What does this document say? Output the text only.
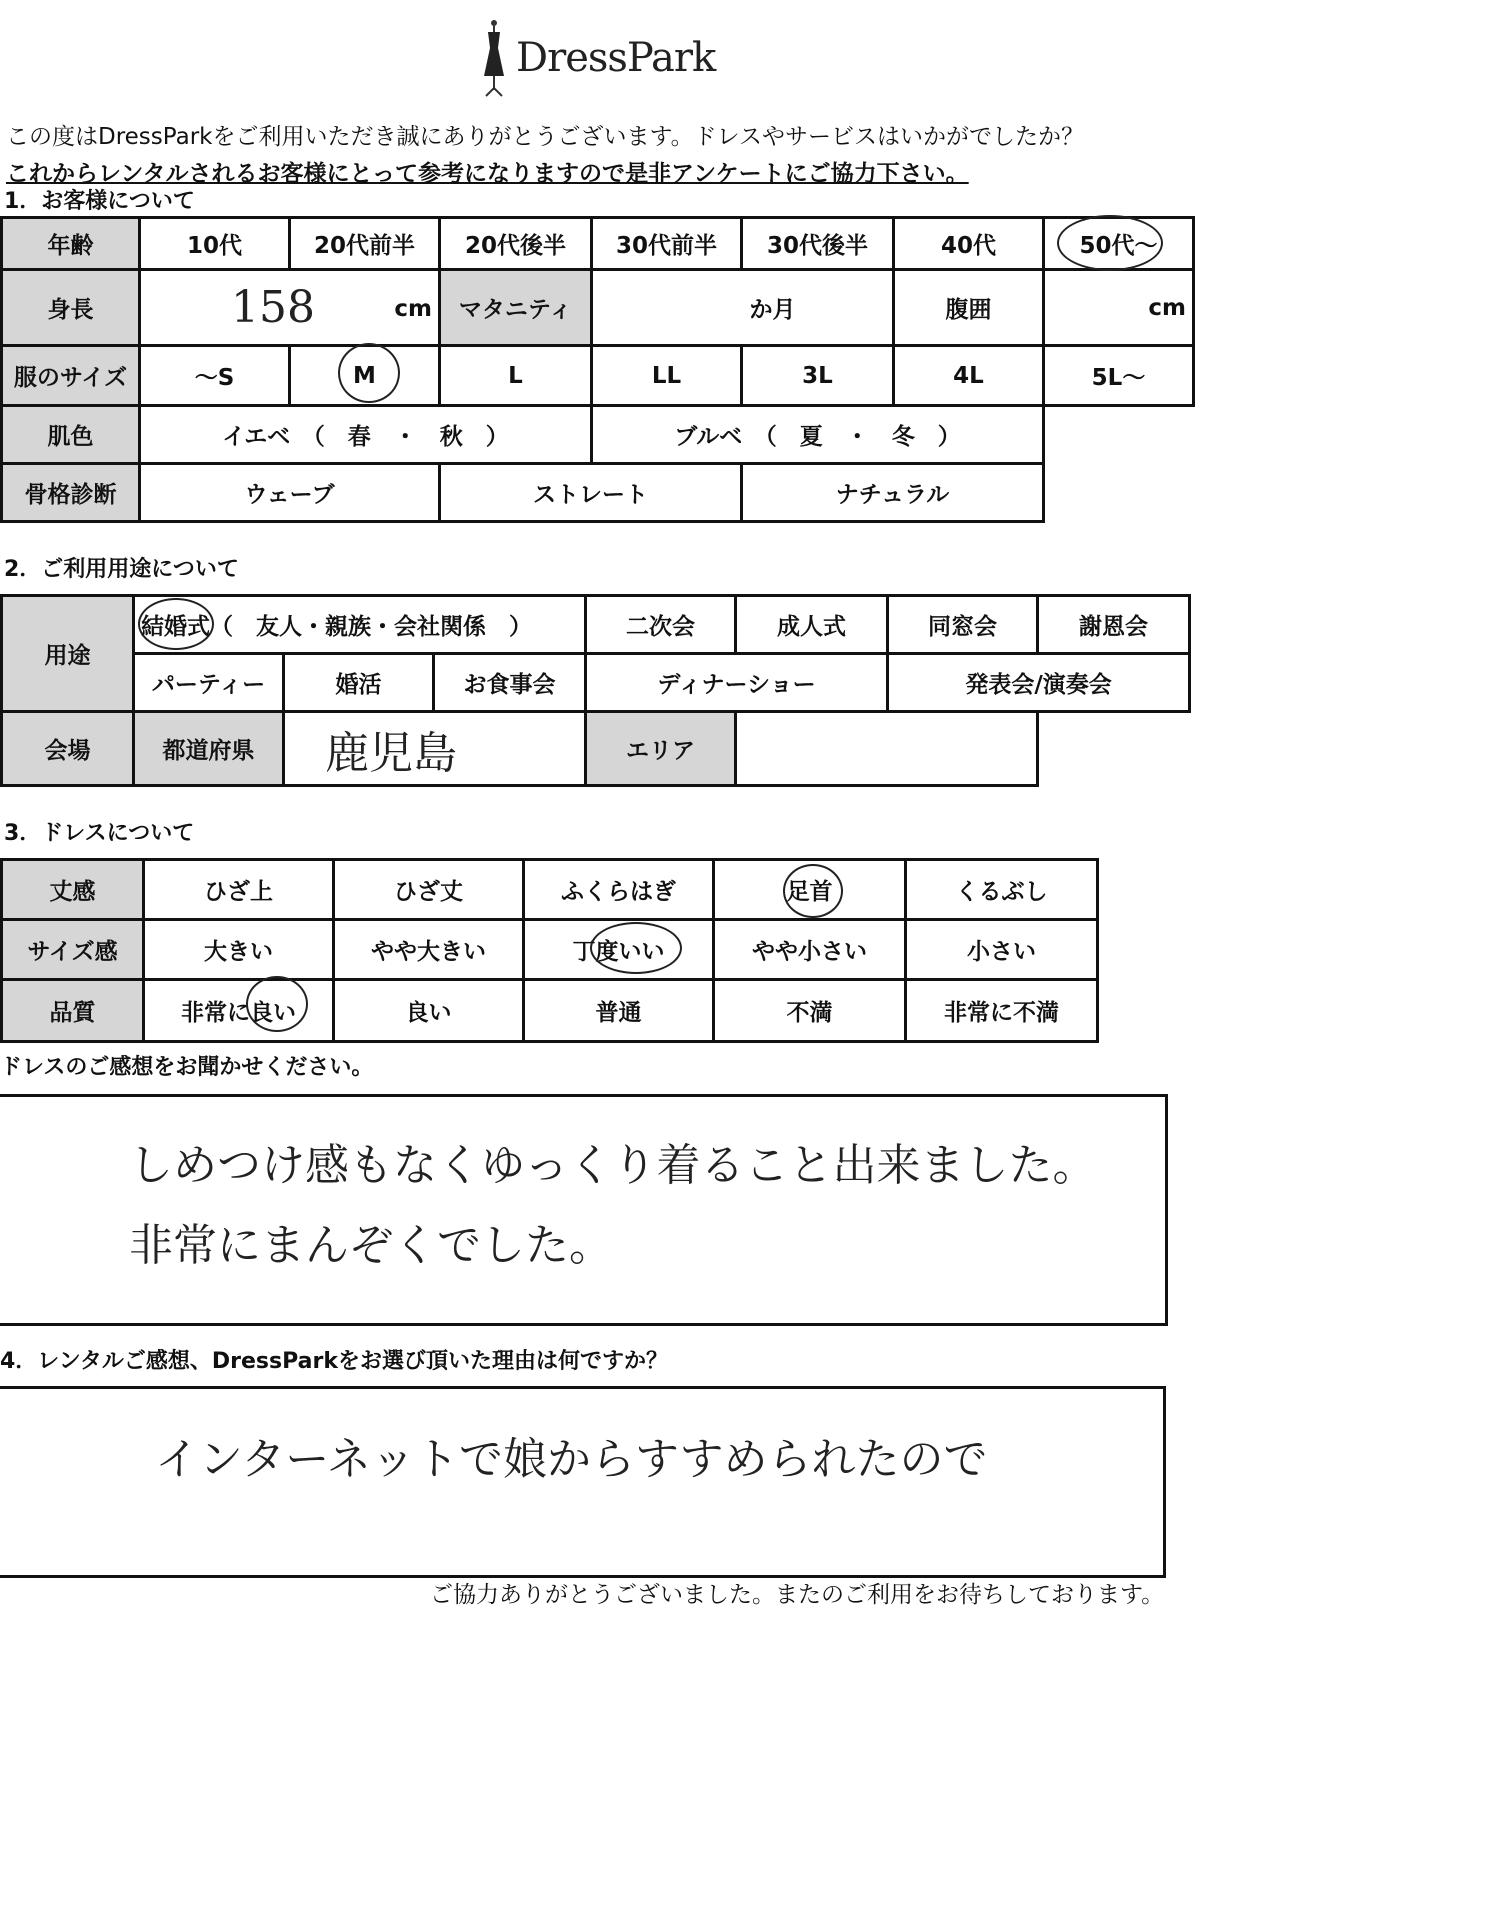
DressPark
この度はDressParkをご利用いただき誠にありがとうございます。ドレスやサービスはいかがでしたか？
これからレンタルされるお客様にとって参考になりますので是非アンケートにご協力下さい。
1．お客様について
年齢	10代	20代前半	20代後半	30代前半	30代後半	40代	50代～
身長	158 cm		マタニティ	か月		腹囲	cm

服のサイズ	～S	M	L	LL	3L	4L	5L～
肌色	イエベ　（　春　・　秋　）			ブルベ　（　夏　・　冬　）			
骨格診断	ウェーブ		ストレート		ナチュラル		
2．ご利用用途について
用途	結婚式（　友人・親族・会社関係　）			二次会	成人式	同窓会	謝恩会
	パーティー	婚活	お食事会	ディナーショー		発表会/演奏会	
会場	都道府県	鹿児島		エリア			
3．ドレスについて
丈感	ひざ上	ひざ丈	ふくらはぎ	足首	くるぶし
サイズ感	大きい	やや大きい	丁度いい	やや小さい	小さい
品質	非常に良い	良い	普通	不満	非常に不満
ドレスのご感想をお聞かせください。
しめつけ感もなくゆっくり着ること出来ました。
非常にまんぞくでした。
4．レンタルご感想、DressParkをお選び頂いた理由は何ですか？
インターネットで娘からすすめられたので
ご協力ありがとうございました。またのご利用をお待ちしております。
